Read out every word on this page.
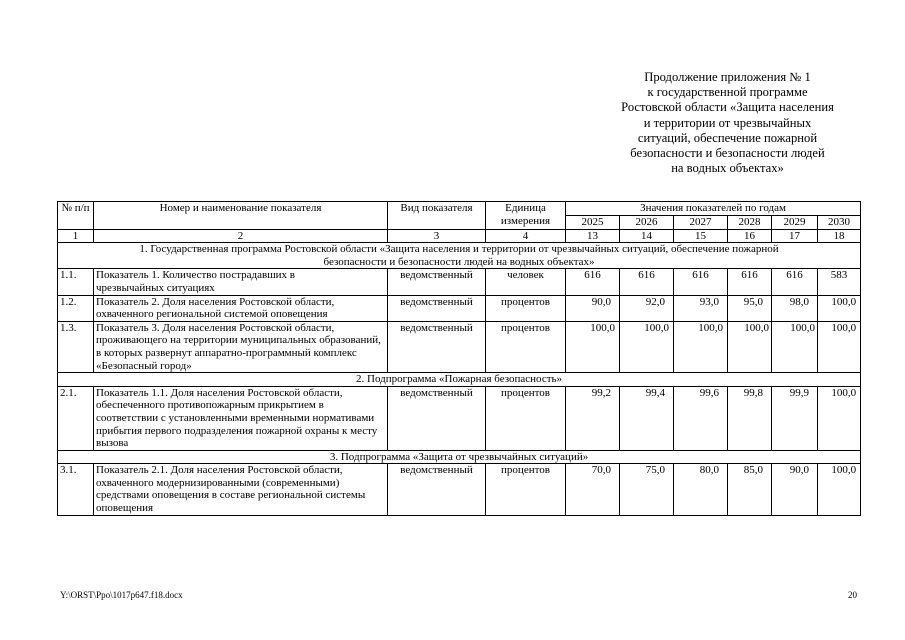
Продолжение приложения № 1
к государственной программе
Ростовской области «Защита населения
и территории от чрезвычайных
ситуаций, обеспечение пожарной
безопасности и безопасности людей
на водных объектах»
№ п/п	Номер и наименование показателя	Вид показателя	Единица измерения	Значения показателей по годам					
				2025	2026	2027	2028	2029	2030
1	2	3	4	13	14	15	16	17	18
1. Государственная программа Ростовской области «Защита населения и территории от чрезвычайных ситуаций, обеспечение пожарной безопасности и безопасности людей на водных объектах»									
1.1.	Показатель 1. Количество пострадавших в чрезвычайных ситуациях	ведомственный	человек	616	616	616	616	616	583
1.2.	Показатель 2. Доля населения Ростовской области, охваченного региональной системой оповещения	ведомственный	процентов	90,0	92,0	93,0	95,0	98,0	100,0
1.3.	Показатель 3. Доля населения Ростовской области, проживающего на территории муниципальных образований, в которых развернут аппаратно-программный комплекс «Безопасный город»	ведомственный	процентов	100,0	100,0	100,0	100,0	100,0	100,0
2. Подпрограмма «Пожарная безопасность»									
2.1.	Показатель 1.1. Доля населения Ростовской области, обеспеченного противопожарным прикрытием в соответствии с установленными временными нормативами прибытия первого подразделения пожарной охраны к месту вызова	ведомственный	процентов	99,2	99,4	99,6	99,8	99,9	100,0
3. Подпрограмма «Защита от чрезвычайных ситуаций»									
3.1.	Показатель 2.1. Доля населения Ростовской области, охваченного модернизированными (современными) средствами оповещения в составе региональной системы оповещения	ведомственный	процентов	70,0	75,0	80,0	85,0	90,0	100,0
Y:\ORST\Ppo\1017p647.f18.docx	20
